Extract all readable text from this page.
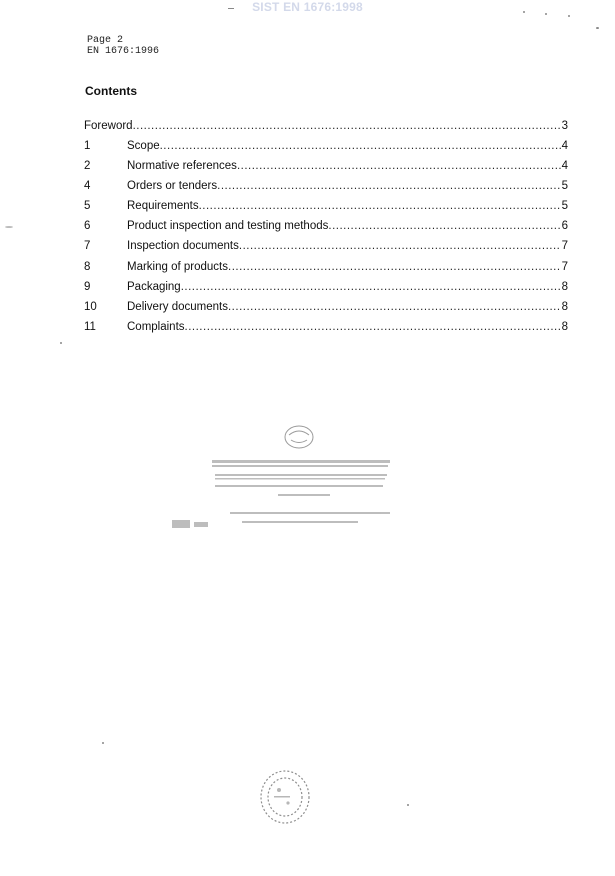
SIST EN 1676:1998
Page 2
EN 1676:1996
Contents
Foreword .....	3
1	Scope .....	4
2	Normative references .....	4
4	Orders or tenders .....	5
5	Requirements .....	5
6	Product inspection and testing methods .....	6
7	Inspection documents .....	7
8	Marking of products .....	7
9	Packaging .....	8
10	Delivery documents .....	8
11	Complaints .....	8
